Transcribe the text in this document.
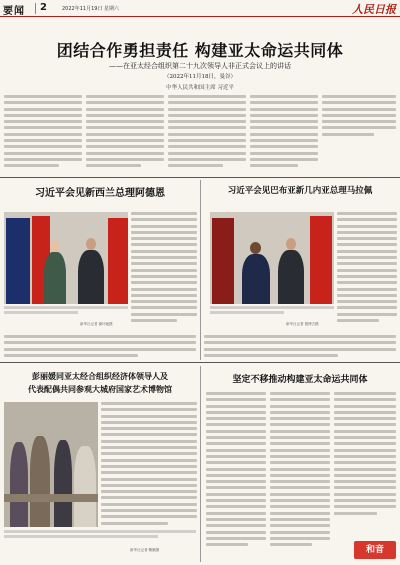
要闻 2	2022年11月19日 星期六	人民日报
团结合作勇担责任 构建亚太命运共同体
——在亚太经合组织第二十九次领导人非正式会议上的讲话
（2022年11月18日，曼谷）
中华人民共和国主席 习近平
习近平会见新西兰总理阿德恩
新华社记者 谢环驰摄
习近平会见巴布亚新几内亚总理马拉佩
新华社记者 殷博古摄
彭丽媛同亚太经合组织经济体领导人及
代表配偶共同参观大城府国家艺术博物馆
新华社记者 鞠鹏摄
坚定不移推动构建亚太命运共同体
和音
